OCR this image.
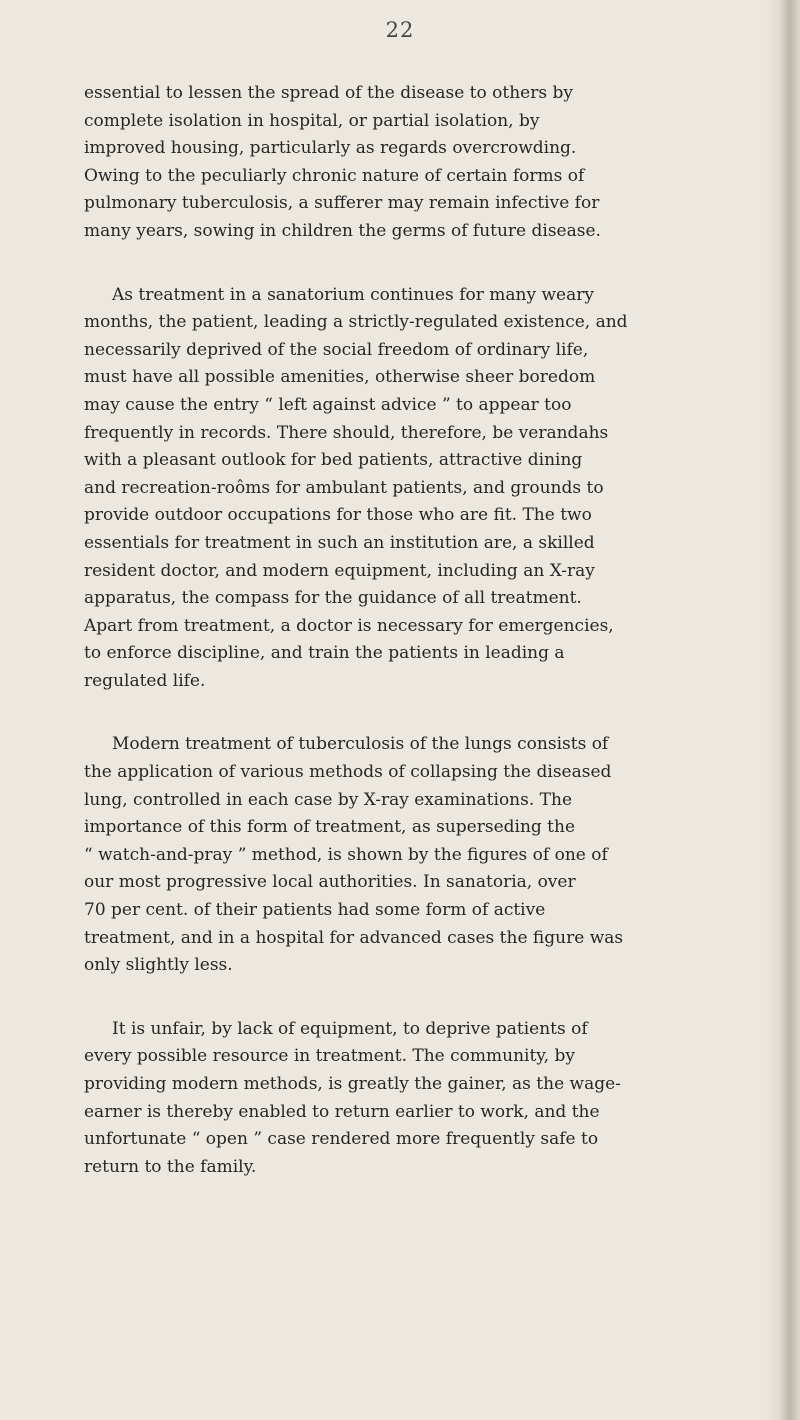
22

essential to lessen the spread of the disease to others by
complete isolation in hospital, or partial isolation, by
improved housing, particularly as regards overcrowding.
Owing to the peculiarly chronic nature of certain forms of
pulmonary tuberculosis, a sufferer may remain infective for
many years, sowing in children the germs of future disease.

As treatment in a sanatorium continues for many weary
months, the patient, leading a strictly-regulated existence, and
necessarily deprived of the social freedom of ordinary life,
must have all possible amenities, otherwise sheer boredom
may cause the entry “ left against advice ” to appear too
frequently in records. There should, therefore, be verandahs
with a pleasant outlook for bed patients, attractive dining
and recreation-roôms for ambulant patients, and grounds to
provide outdoor occupations for those who are fit. The two
essentials for treatment in such an institution are, a skilled
resident doctor, and modern equipment, including an X-ray
apparatus, the compass for the guidance of all treatment.
Apart from treatment, a doctor is necessary for emergencies,
to enforce discipline, and train the patients in leading a
regulated life.

Modern treatment of tuberculosis of the lungs consists of
the application of various methods of collapsing the diseased
lung, controlled in each case by X-ray examinations. The
importance of this form of treatment, as superseding the
“ watch-and-pray ” method, is shown by the figures of one of
our most progressive local authorities. In sanatoria, over
70 per cent. of their patients had some form of active
treatment, and in a hospital for advanced cases the figure was
only slightly less.

It is unfair, by lack of equipment, to deprive patients of
every possible resource in treatment. The community, by
providing modern methods, is greatly the gainer, as the wage-
earner is thereby enabled to return earlier to work, and the
unfortunate “ open ” case rendered more frequently safe to
return to the family.
